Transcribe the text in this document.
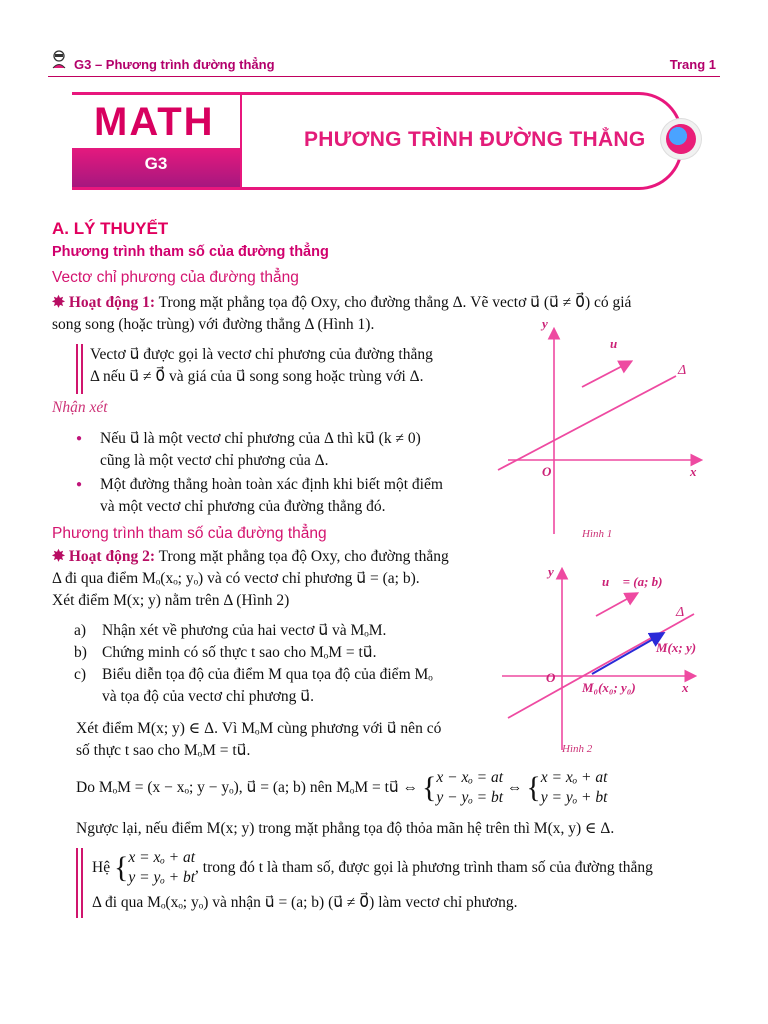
G3 – Phương trình đường thẳng	Trang 1
MATH
G3
PHƯƠNG TRÌNH ĐƯỜNG THẲNG
A. LÝ THUYẾT
Phương trình tham số của đường thẳng
Vectơ chỉ phương của đường thẳng
✸ Hoạt động 1: Trong mặt phẳng tọa độ Oxy, cho đường thẳng Δ. Vẽ vectơ u⃗ (u⃗ ≠ 0⃗) có giá
song song (hoặc trùng) với đường thẳng Δ (Hình 1).
Vectơ u⃗ được gọi là vectơ chỉ phương của đường thẳng
Δ nếu u⃗ ≠ 0⃗ và giá của u⃗ song song hoặc trùng với Δ.
Nhận xét
● Nếu u⃗ là một vectơ chỉ phương của Δ thì ku⃗ (k ≠ 0)
cũng là một vectơ chỉ phương của Δ.
● Một đường thẳng hoàn toàn xác định khi biết một điểm
và một vectơ chỉ phương của đường thẳng đó.
y
x
O
u⃗
Δ
Hình 1
Phương trình tham số của đường thẳng
✸ Hoạt động 2: Trong mặt phẳng tọa độ Oxy, cho đường thẳng
Δ đi qua điểm Mₒ(xₒ; yₒ) và có vectơ chỉ phương u⃗ = (a; b).
Xét điểm M(x; y) nằm trên Δ (Hình 2)
a) Nhận xét về phương của hai vectơ u⃗ và MₒM.
b) Chứng minh có số thực t sao cho MₒM = tu⃗.
c) Biểu diễn tọa độ của điểm M qua tọa độ của điểm Mₒ
và tọa độ của vectơ chỉ phương u⃗.
Xét điểm M(x; y) ∈ Δ. Vì MₒM cùng phương với u⃗ nên có
số thực t sao cho MₒM = tu⃗.
y
x
O
u⃗ = (a; b)
Δ
M(x; y)
M₀(x₀; y₀)
Hình 2
Do MₒM = (x − xₒ; y − yₒ), u⃗ = (a; b) nên MₒM = tu⃗ ⇔ {x − xₒ = at
y − yₒ = bt ⇔ {x = xₒ + at
y = yₒ + bt
Ngược lại, nếu điểm M(x; y) trong mặt phẳng tọa độ thỏa mãn hệ trên thì M(x, y) ∈ Δ.
Hệ {x = xₒ + at
y = yₒ + bt, trong đó t là tham số, được gọi là phương trình tham số của đường thẳng
Δ đi qua Mₒ(xₒ; yₒ) và nhận u⃗ = (a; b) (u⃗ ≠ 0⃗) làm vectơ chỉ phương.
